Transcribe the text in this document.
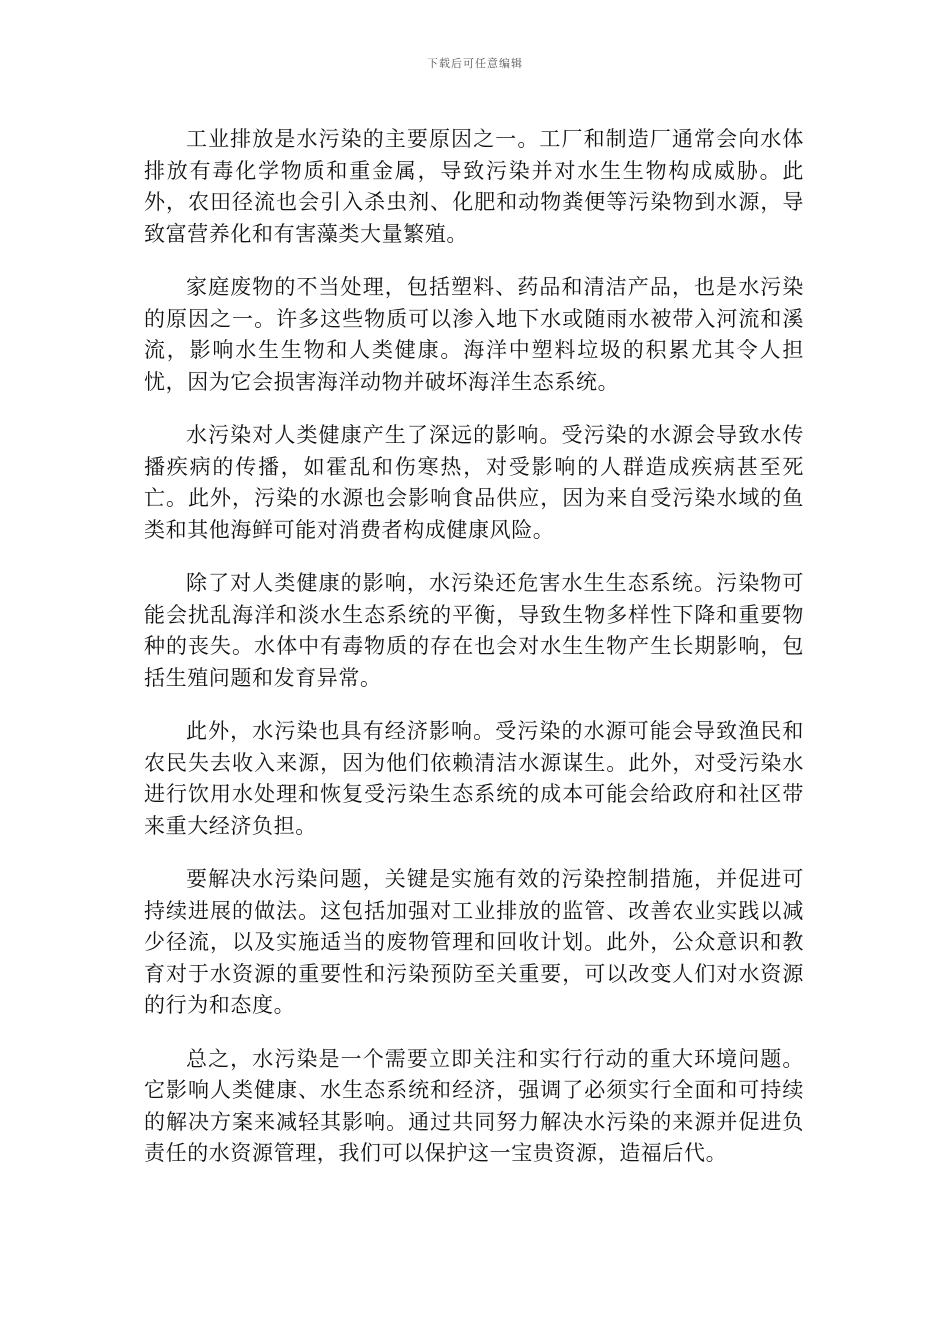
下载后可任意编辑

工业排放是水污染的主要原因之一。工厂和制造厂通常会向水体排放有毒化学物质和重金属，导致污染并对水生生物构成威胁。此外，农田径流也会引入杀虫剂、化肥和动物粪便等污染物到水源，导致富营养化和有害藻类大量繁殖。

家庭废物的不当处理，包括塑料、药品和清洁产品，也是水污染的原因之一。许多这些物质可以渗入地下水或随雨水被带入河流和溪流，影响水生生物和人类健康。海洋中塑料垃圾的积累尤其令人担忧，因为它会损害海洋动物并破坏海洋生态系统。

水污染对人类健康产生了深远的影响。受污染的水源会导致水传播疾病的传播，如霍乱和伤寒热，对受影响的人群造成疾病甚至死亡。此外，污染的水源也会影响食品供应，因为来自受污染水域的鱼类和其他海鲜可能对消费者构成健康风险。

除了对人类健康的影响，水污染还危害水生生态系统。污染物可能会扰乱海洋和淡水生态系统的平衡，导致生物多样性下降和重要物种的丧失。水体中有毒物质的存在也会对水生生物产生长期影响，包括生殖问题和发育异常。

此外，水污染也具有经济影响。受污染的水源可能会导致渔民和农民失去收入来源，因为他们依赖清洁水源谋生。此外，对受污染水进行饮用水处理和恢复受污染生态系统的成本可能会给政府和社区带来重大经济负担。

要解决水污染问题，关键是实施有效的污染控制措施，并促进可持续进展的做法。这包括加强对工业排放的监管、改善农业实践以减少径流，以及实施适当的废物管理和回收计划。此外，公众意识和教育对于水资源的重要性和污染预防至关重要，可以改变人们对水资源的行为和态度。

总之，水污染是一个需要立即关注和实行行动的重大环境问题。它影响人类健康、水生态系统和经济，强调了必须实行全面和可持续的解决方案来减轻其影响。通过共同努力解决水污染的来源并促进负责任的水资源管理，我们可以保护这一宝贵资源，造福后代。
